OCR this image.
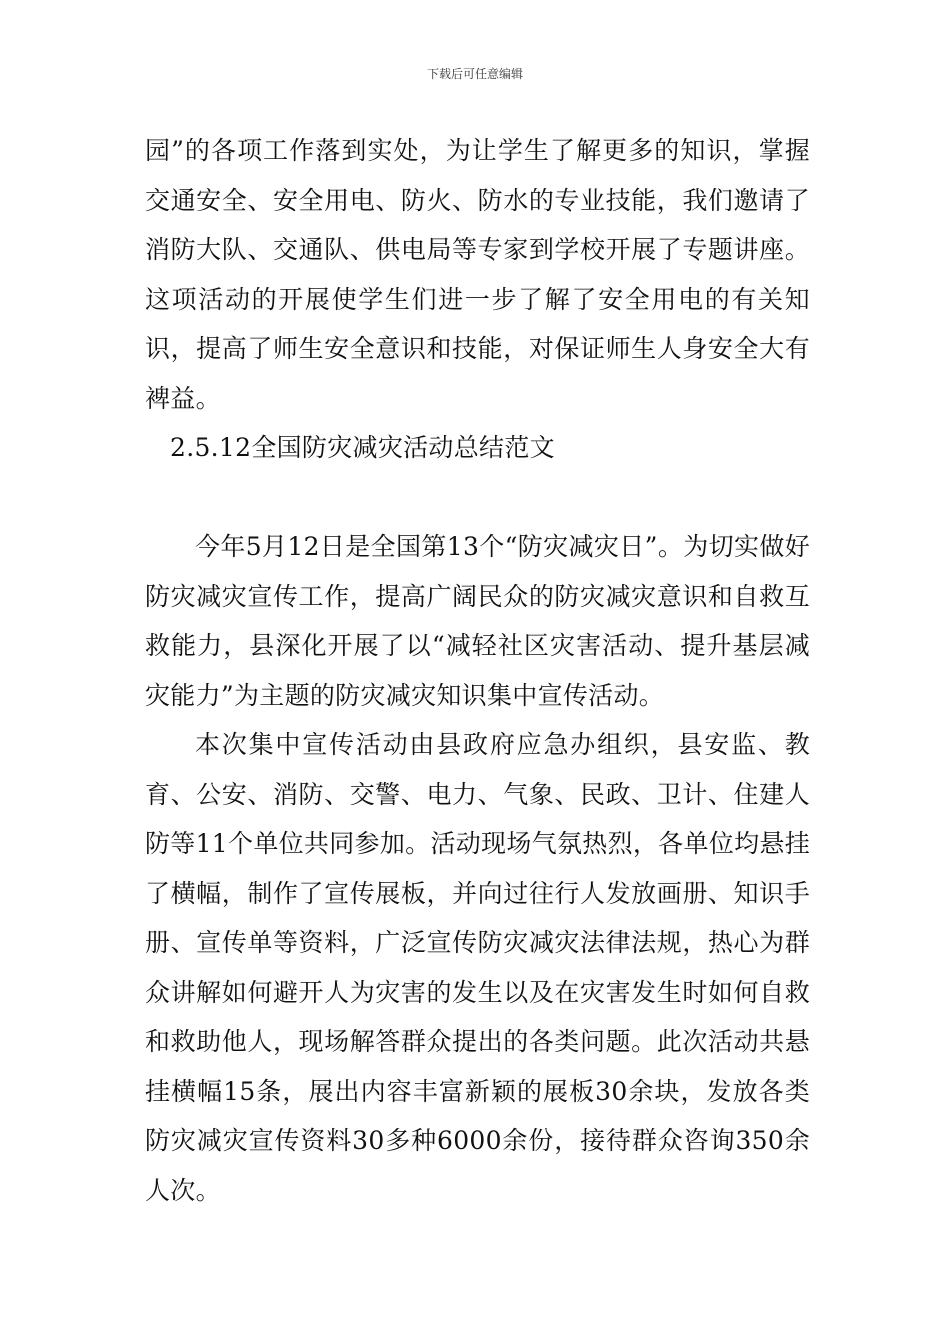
下载后可任意编辑

园”的各项工作落到实处，为让学生了解更多的知识，掌握交通安全、安全用电、防火、防水的专业技能，我们邀请了消防大队、交通队、供电局等专家到学校开展了专题讲座。这项活动的开展使学生们进一步了解了安全用电的有关知识，提高了师生安全意识和技能，对保证师生人身安全大有裨益。

2.5.12全国防灾减灾活动总结范文

今年5月12日是全国第13个“防灾减灾日”。为切实做好防灾减灾宣传工作，提高广阔民众的防灾减灾意识和自救互救能力，县深化开展了以“减轻社区灾害活动、提升基层减灾能力”为主题的防灾减灾知识集中宣传活动。

本次集中宣传活动由县政府应急办组织，县安监、教育、公安、消防、交警、电力、气象、民政、卫计、住建人防等11个单位共同参加。活动现场气氛热烈，各单位均悬挂了横幅，制作了宣传展板，并向过往行人发放画册、知识手册、宣传单等资料，广泛宣传防灾减灾法律法规，热心为群众讲解如何避开人为灾害的发生以及在灾害发生时如何自救和救助他人，现场解答群众提出的各类问题。此次活动共悬挂横幅15条，展出内容丰富新颖的展板30余块，发放各类防灾减灾宣传资料30多种6000余份，接待群众咨询350余人次。
